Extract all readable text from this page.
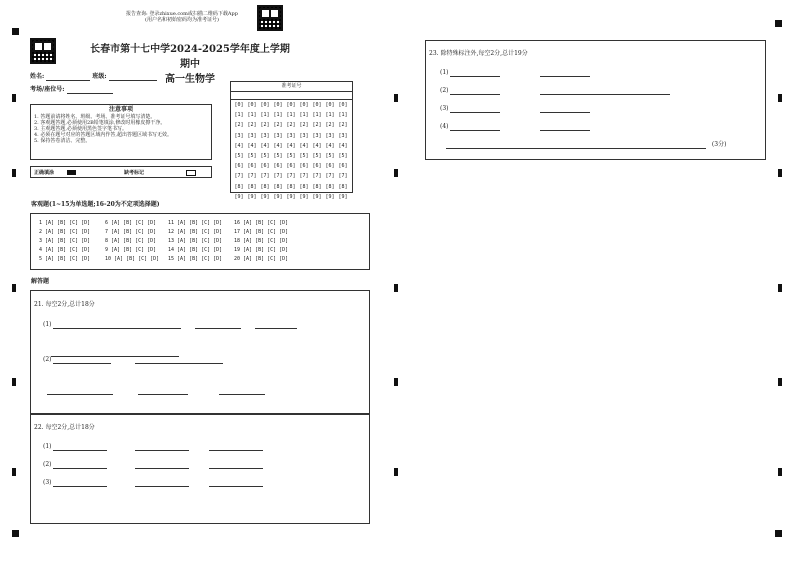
报告查询: 登录zhixue.com或扫描二维码下载App
(用户名和初始密码均为准考证号)
长春市第十七中学2024-2025学年度上学期期中
高一生物学
姓名:	班级:
考场/座位号:
注意事项
1. 答题前请将姓名、班级、考场、准考证号填写清楚。
2. 客观题答题,必须使用2B铅笔填涂,修改时用橡皮擦干净。
3. 主观题答题,必须使用黑色签字笔书写。
4. 必须在题号对应的答题区域内作答,超出答题区域书写无效。
5. 保持答卷清洁、完整。
正确填涂	缺考标记
准考证号
[0]
[1]
[2]
[3]
[4]
[5]
[6]
[7]
[8]
[9]
[0]
[1]
[2]
[3]
[4]
[5]
[6]
[7]
[8]
[9]
[0]
[1]
[2]
[3]
[4]
[5]
[6]
[7]
[8]
[9]
[0]
[1]
[2]
[3]
[4]
[5]
[6]
[7]
[8]
[9]
[0]
[1]
[2]
[3]
[4]
[5]
[6]
[7]
[8]
[9]
[0]
[1]
[2]
[3]
[4]
[5]
[6]
[7]
[8]
[9]
[0]
[1]
[2]
[3]
[4]
[5]
[6]
[7]
[8]
[9]
[0]
[1]
[2]
[3]
[4]
[5]
[6]
[7]
[8]
[9]
[0]
[1]
[2]
[3]
[4]
[5]
[6]
[7]
[8]
[9]
客观题(1~15为单选题;16-20为不定项选择题)
1 [A] [B] [C] [D]
2 [A] [B] [C] [D]
3 [A] [B] [C] [D]
4 [A] [B] [C] [D]
5 [A] [B] [C] [D]
6 [A] [B] [C] [D]
7 [A] [B] [C] [D]
8 [A] [B] [C] [D]
9 [A] [B] [C] [D]
10 [A] [B] [C] [D]
11 [A] [B] [C] [D]
12 [A] [B] [C] [D]
13 [A] [B] [C] [D]
14 [A] [B] [C] [D]
15 [A] [B] [C] [D]
16 [A] [B] [C] [D]
17 [A] [B] [C] [D]
18 [A] [B] [C] [D]
19 [A] [B] [C] [D]
20 [A] [B] [C] [D]
解答题
21. 每空2分,总计18分
(1)
(2)

22. 每空2分,总计18分
(1)
(2)
(3)
23. 除特殊标注外,每空2分,总计19分
(1)
(2)
(3)
(4)
(3分)
